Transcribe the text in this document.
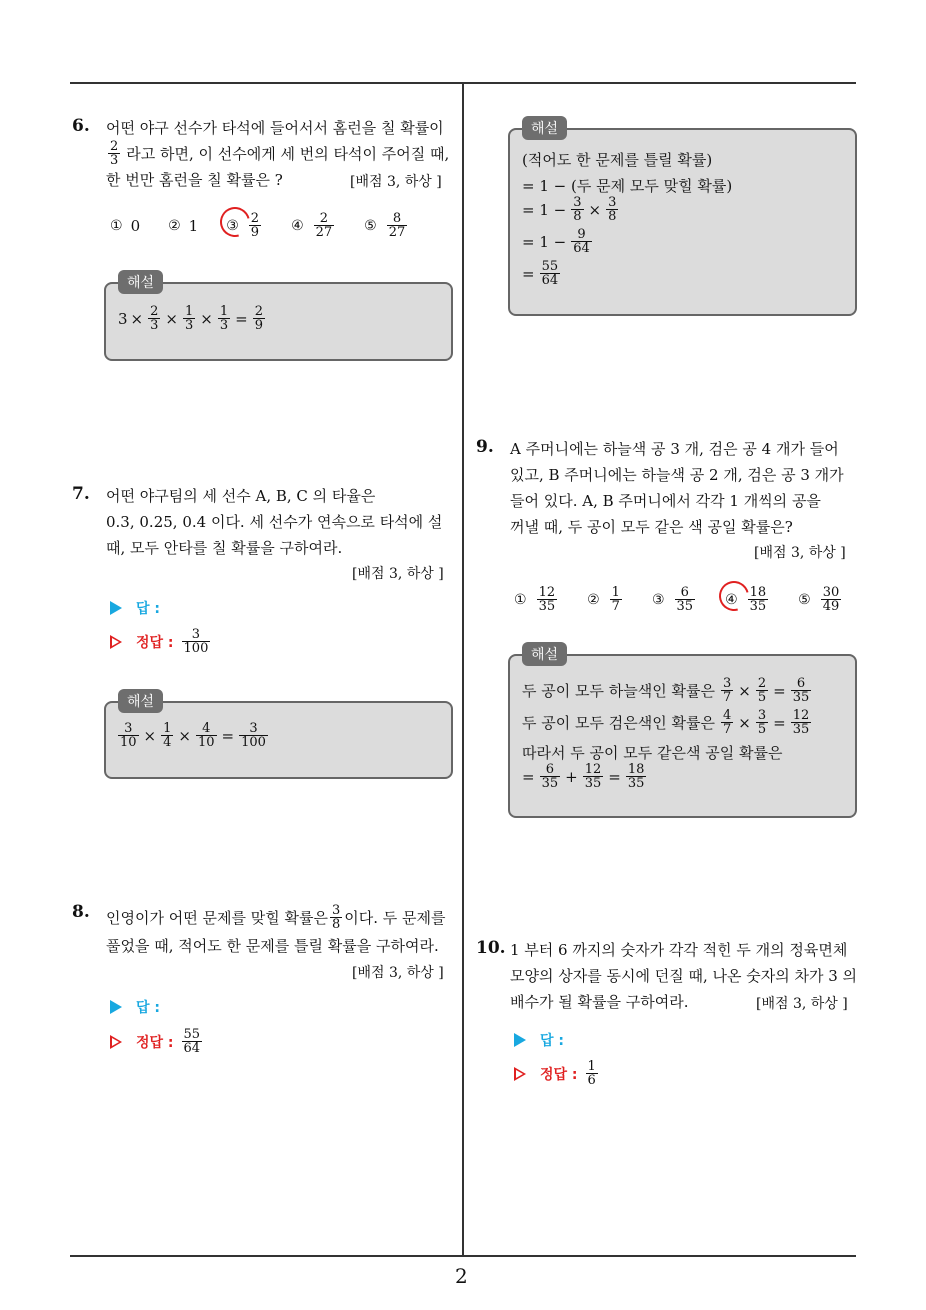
2
6. 어떤 야구 선수가 타석에 들어서서 홈런을 칠 확률이
$\frac{2}{3}$ 라고 하면, 이 선수에게 세 번의 타석이 주어질 때,
한 번만 홈런을 칠 확률은 ?	[배점 3, 하상 ]
① 0 ② 1 ③ $\frac{2}{9}$ ④ $\frac{2}{27}$ ⑤ $\frac{8}{27}$
해설
$3 \times \frac{2}{3} \times \frac{1}{3} \times \frac{1}{3} = \frac{2}{9}$
7. 어떤 야구팀의 세 선수 A, B, C 의 타율은
0.3, 0.25, 0.4 이다. 세 선수가 연속으로 타석에 설
때, 모두 안타를 칠 확률을 구하여라.
[배점 3, 하상 ]
답 :
정답 : $\frac{3}{100}$
해설
$\frac{3}{10} \times \frac{1}{4} \times \frac{4}{10} = \frac{3}{100}$
8. 인영이가 어떤 문제를 맞힐 확률은 $\frac{3}{8}$ 이다. 두 문제를
풀었을 때, 적어도 한 문제를 틀릴 확률을 구하여라.
[배점 3, 하상 ]
답 :
정답 : $\frac{55}{64}$
해설
(적어도 한 문제를 틀릴 확률)
= 1 − (두 문제 모두 맞힐 확률)
= $1 - \frac{3}{8} \times \frac{3}{8}$
= $1 - \frac{9}{64}$
= $\frac{55}{64}$
9. A 주머니에는 하늘색 공 3 개, 검은 공 4 개가 들어
있고, B 주머니에는 하늘색 공 2 개, 검은 공 3 개가
들어 있다. A, B 주머니에서 각각 1 개씩의 공을
꺼낼 때, 두 공이 모두 같은 색 공일 확률은?
[배점 3, 하상 ]
① $\frac{12}{35}$ ② $\frac{1}{7}$ ③ $\frac{6}{35}$ ④ $\frac{18}{35}$ ⑤ $\frac{30}{49}$
해설
두 공이 모두 하늘색인 확률은 $\frac{3}{7} \times \frac{2}{5} = \frac{6}{35}$
두 공이 모두 검은색인 확률은 $\frac{4}{7} \times \frac{3}{5} = \frac{12}{35}$
따라서 두 공이 모두 같은색 공일 확률은
= $\frac{6}{35} + \frac{12}{35} = \frac{18}{35}$
10. 1 부터 6 까지의 숫자가 각각 적힌 두 개의 정육면체
모양의 상자를 동시에 던질 때, 나온 숫자의 차가 3 의
배수가 될 확률을 구하여라.	[배점 3, 하상 ]
답 :
정답 : $\frac{1}{6}$
